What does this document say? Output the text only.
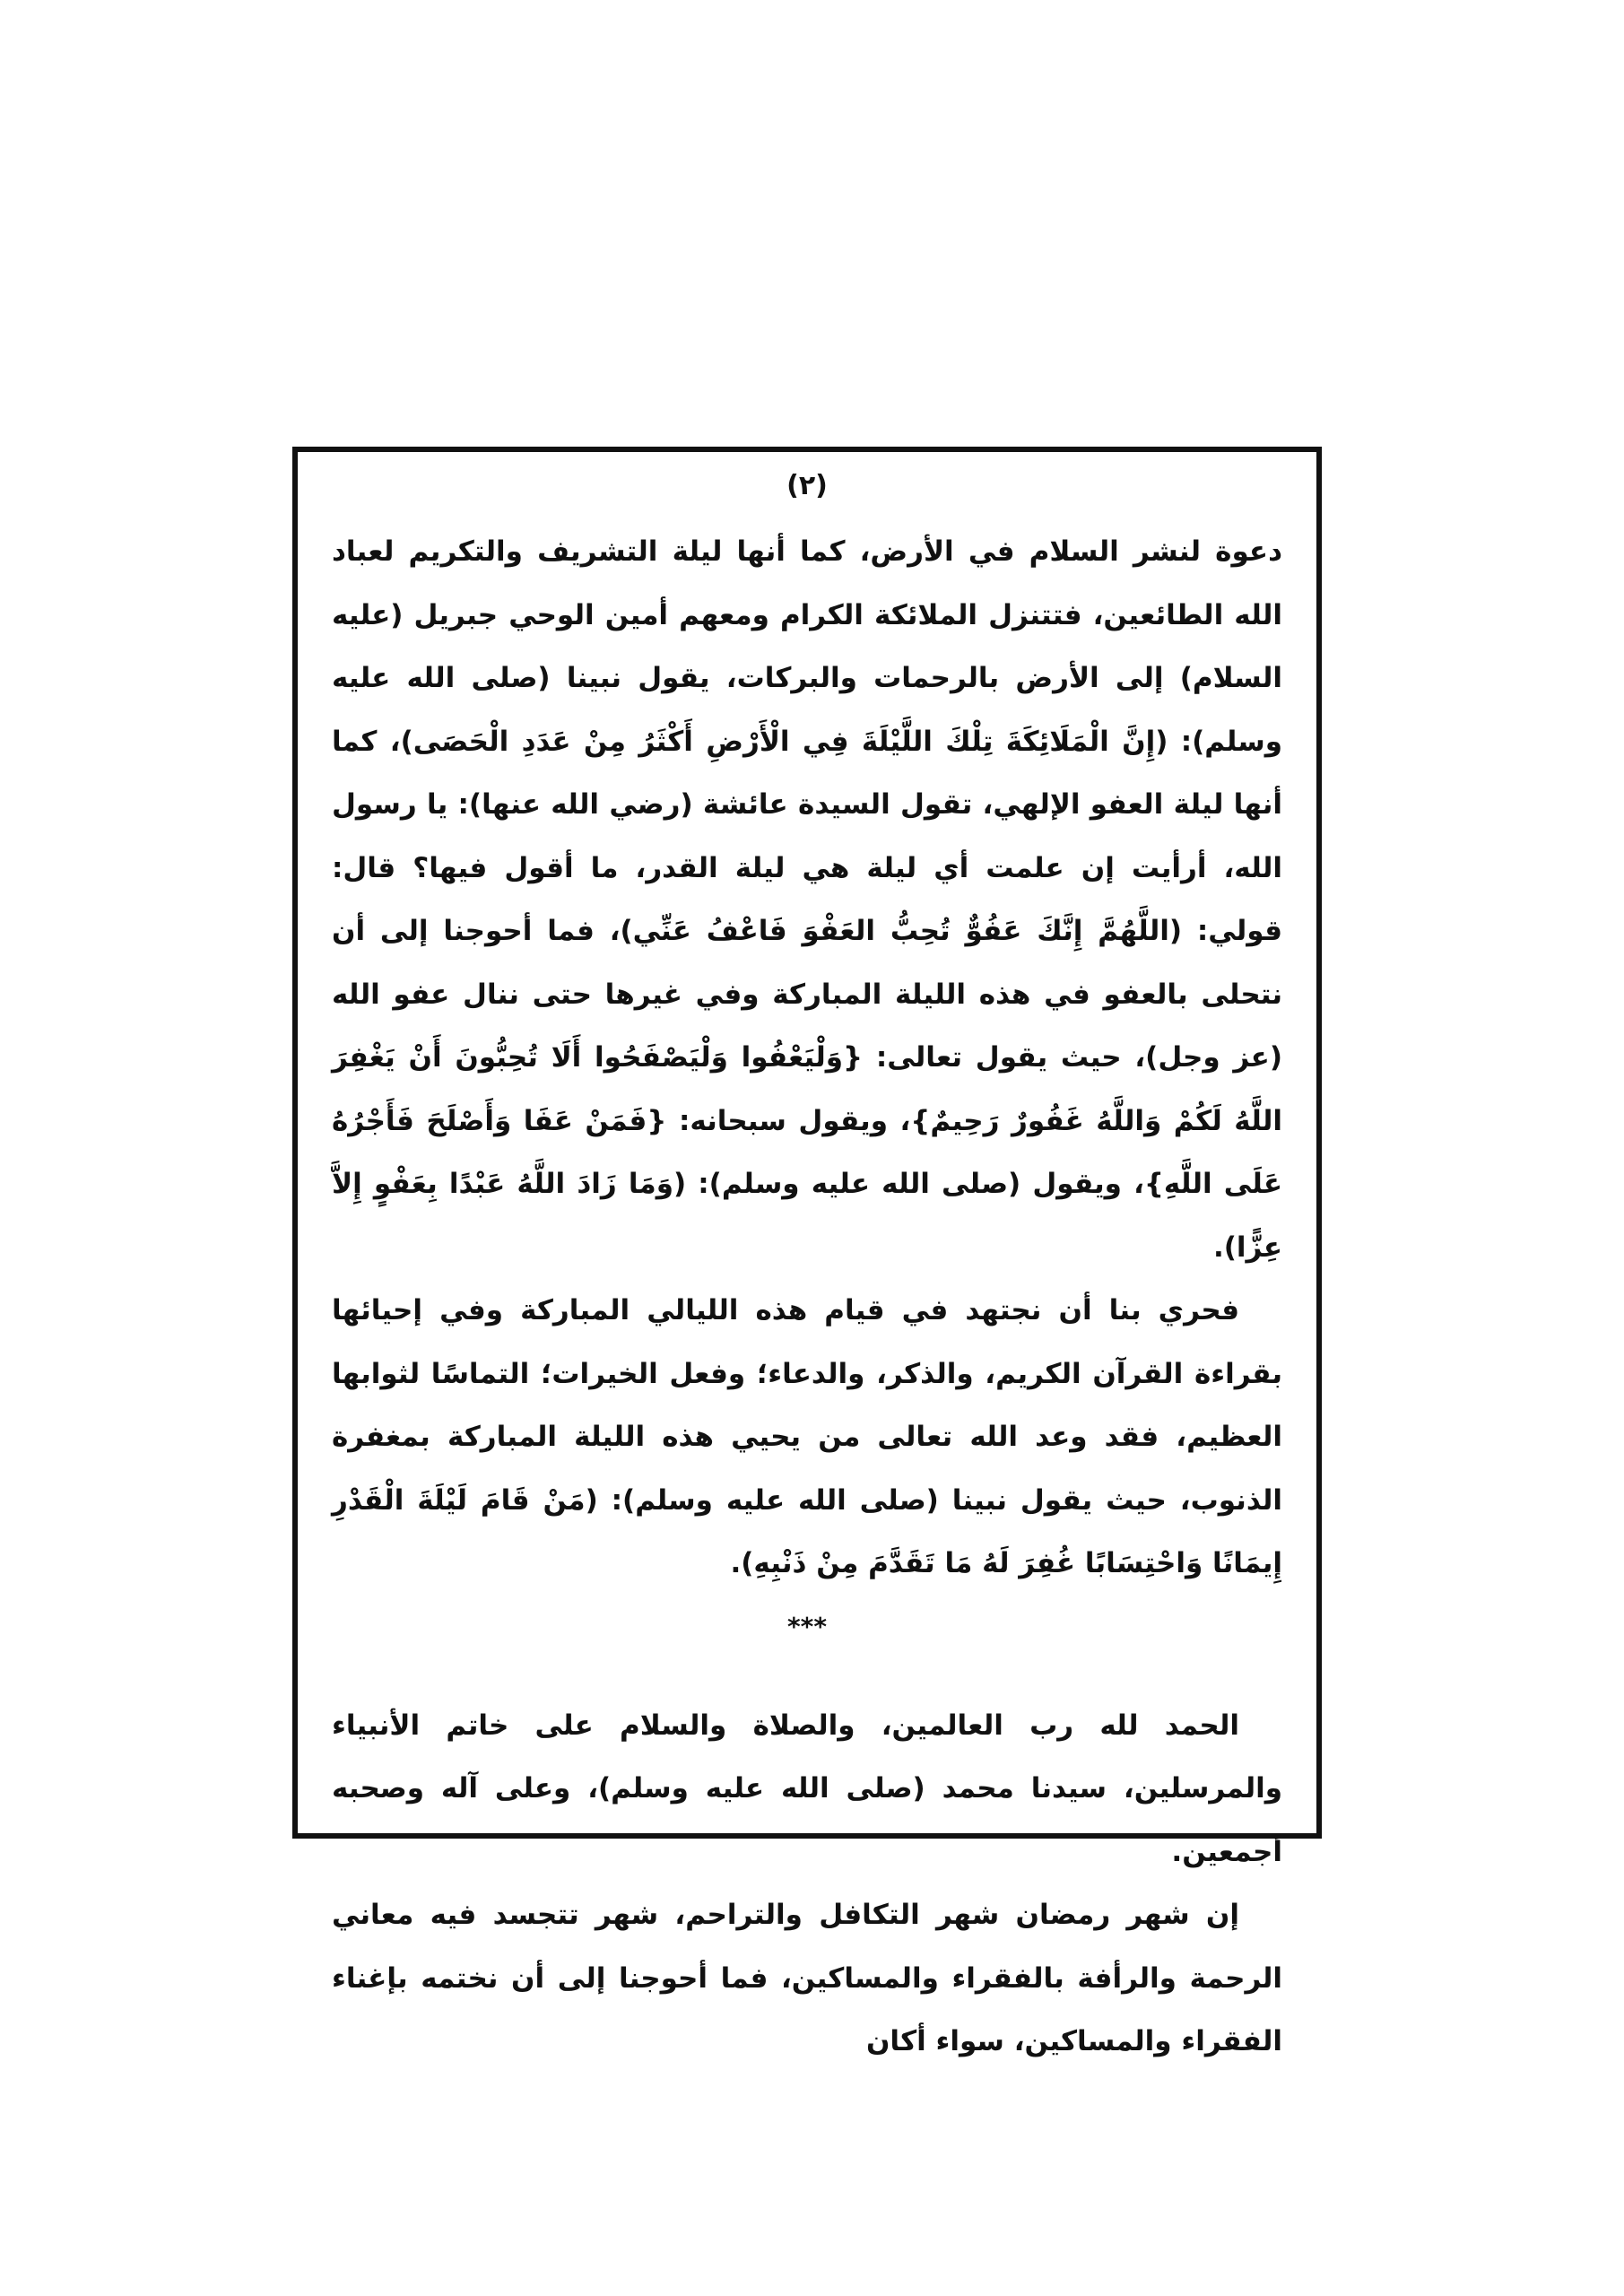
(٢)

دعوة لنشر السلام في الأرض، كما أنها ليلة التشريف والتكريم لعباد الله الطائعين، فتتنزل الملائكة الكرام ومعهم أمين الوحي جبريل (عليه السلام) إلى الأرض بالرحمات والبركات، يقول نبينا (صلى الله عليه وسلم): (إِنَّ الْمَلَائِكَةَ تِلْكَ اللَّيْلَةَ فِي الْأَرْضِ أَكْثَرُ مِنْ عَدَدِ الْحَصَى)، كما أنها ليلة العفو الإلهي، تقول السيدة عائشة (رضي الله عنها): يا رسول الله، أرأيت إن علمت أي ليلة هي ليلة القدر، ما أقول فيها؟ قال: قولي: (اللَّهُمَّ إِنَّكَ عَفُوٌّ تُحِبُّ العَفْوَ فَاعْفُ عَنِّي)، فما أحوجنا إلى أن نتحلى بالعفو في هذه الليلة المباركة وفي غيرها حتى ننال عفو الله (عز وجل)، حيث يقول تعالى: {وَلْيَعْفُوا وَلْيَصْفَحُوا أَلَا تُحِبُّونَ أَنْ يَغْفِرَ اللَّهُ لَكُمْ وَاللَّهُ غَفُورٌ رَحِيمٌ}، ويقول سبحانه: {فَمَنْ عَفَا وَأَصْلَحَ فَأَجْرُهُ عَلَى اللَّهِ}، ويقول (صلى الله عليه وسلم): (وَمَا زَادَ اللَّهُ عَبْدًا بِعَفْوٍ إِلاَّ عِزًّا).

فحري بنا أن نجتهد في قيام هذه الليالي المباركة وفي إحيائها بقراءة القرآن الكريم، والذكر، والدعاء؛ وفعل الخيرات؛ التماسًا لثوابها العظيم، فقد وعد الله تعالى من يحيي هذه الليلة المباركة بمغفرة الذنوب، حيث يقول نبينا (صلى الله عليه وسلم): (مَنْ قَامَ لَيْلَةَ الْقَدْرِ إِيمَانًا وَاحْتِسَابًا غُفِرَ لَهُ مَا تَقَدَّمَ مِنْ ذَنْبِهِ).

***

الحمد لله رب العالمين، والصلاة والسلام على خاتم الأنبياء والمرسلين، سيدنا محمد (صلى الله عليه وسلم)، وعلى آله وصحبه أجمعين.

إن شهر رمضان شهر التكافل والتراحم، شهر تتجسد فيه معاني الرحمة والرأفة بالفقراء والمساكين، فما أحوجنا إلى أن نختمه بإغناء الفقراء والمساكين، سواء أكان
